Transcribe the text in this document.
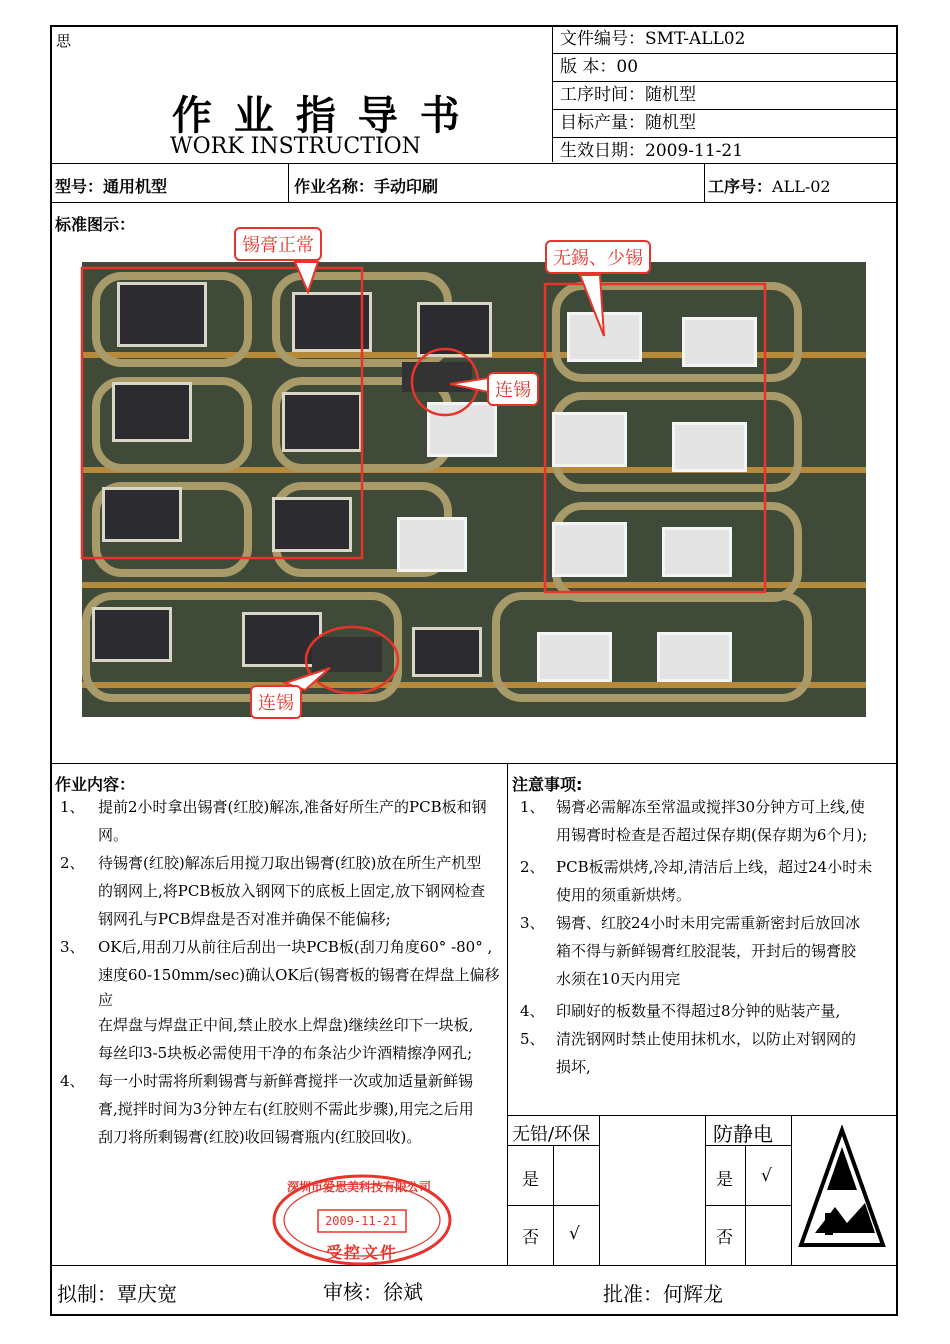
思
作 业 指 导 书
WORK INSTRUCTION
文件编号：SMT-ALL02
版 本：00
工序时间：随机型
目标产量：随机型
生效日期：2009-11-21
型号：通用机型	作业名称：手动印刷	工序号：ALL-02
标准图示：
锡膏正常
无錫、少锡
连锡
连锡
作业内容：
1、 提前2小时拿出锡膏(红胶)解冻,准备好所生产的PCB板和钢
网。
2、 待锡膏(红胶)解冻后用搅刀取出锡膏(红胶)放在所生产机型
的钢网上,将PCB板放入钢网下的底板上固定,放下钢网检查
钢网孔与PCB焊盘是否对准并确保不能偏移;
3、 OK后,用刮刀从前往后刮出一块PCB板(刮刀角度60° -80° ,
速度60-150mm/sec)确认OK后(锡膏板的锡膏在焊盘上偏移
应
在焊盘与焊盘正中间,禁止胶水上焊盘)继续丝印下一块板,
每丝印3-5块板必需使用干净的布条沾少许酒精擦净网孔;
4、 每一小时需将所剩锡膏与新鲜膏搅拌一次或加适量新鲜锡
膏,搅拌时间为3分钟左右(红胶则不需此步骤),用完之后用
刮刀将所剩锡膏(红胶)收回锡膏瓶内(红胶回收)。
注意事项:
1、 锡膏必需解冻至常温或搅拌30分钟方可上线,使
用锡膏时检查是否超过保存期(保存期为6个月);
2、 PCB板需烘烤,冷却,清洁后上线，超过24小时未
使用的须重新烘烤。
3、 锡膏、红胶24小时未用完需重新密封后放回冰
箱不得与新鲜锡膏红胶混装，开封后的锡膏胶
水须在10天内用完
4、 印刷好的板数量不得超过8分钟的贴装产量,
5、 清洗钢网时禁止使用抹机水，以防止对钢网的
损坏,
无铅/环保	防静电
是
否 √
是 √
否
深圳市爱思美科技有限公司
2009-11-21
受控文件
拟制：覃庆宽	审核：徐斌	批准：何辉龙
